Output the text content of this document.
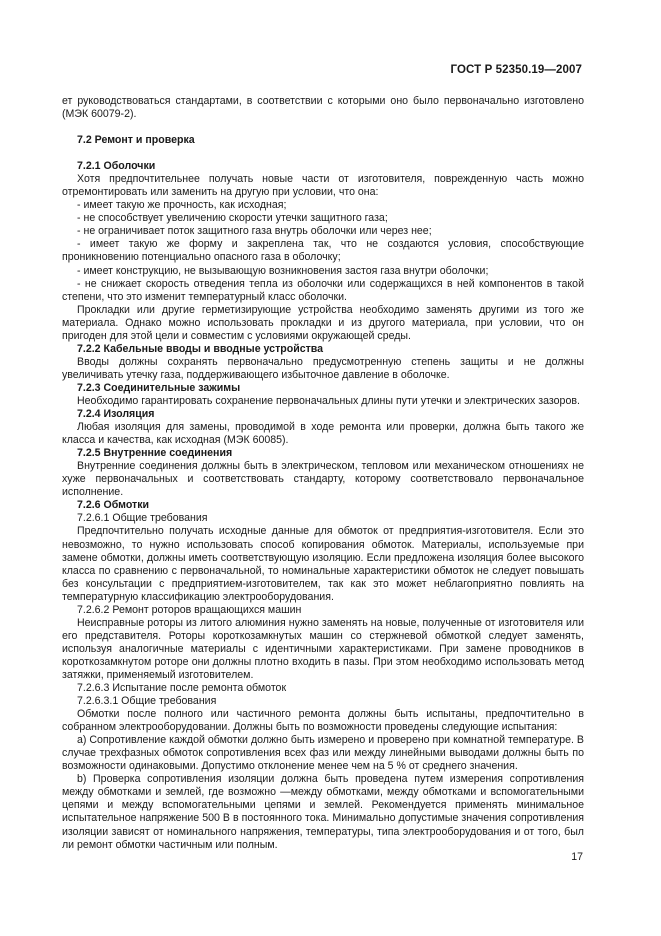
ГОСТ Р 52350.19—2007

ет руководствоваться стандартами, в соответствии с которыми оно было первоначально изготовлено (МЭК 60079-2).

7.2 Ремонт и проверка

7.2.1 Оболочки

Хотя предпочтительнее получать новые части от изготовителя, поврежденную часть можно отремонтировать или заменить на другую при условии, что она:

- имеет такую же прочность, как исходная;

- не способствует увеличению скорости утечки защитного газа;

- не ограничивает поток защитного газа внутрь оболочки или через нее;

- имеет такую же форму и закреплена так, что не создаются условия, способствующие проникновению потенциально опасного газа в оболочку;

- имеет конструкцию, не вызывающую возникновения застоя газа внутри оболочки;

- не снижает скорость отведения тепла из оболочки или содержащихся в ней компонентов в такой степени, что это изменит температурный класс оболочки.

Прокладки или другие герметизирующие устройства необходимо заменять другими из того же материала. Однако можно использовать прокладки и из другого материала, при условии, что он пригоден для этой цели и совместим с условиями окружающей среды.

7.2.2 Кабельные вводы и вводные устройства

Вводы должны сохранять первоначально предусмотренную степень защиты и не должны увеличивать утечку газа, поддерживающего избыточное давление в оболочке.

7.2.3 Соединительные зажимы

Необходимо гарантировать сохранение первоначальных длины пути утечки и электрических зазоров.

7.2.4 Изоляция

Любая изоляция для замены, проводимой в ходе ремонта или проверки, должна быть такого же класса и качества, как исходная (МЭК 60085).

7.2.5 Внутренние соединения

Внутренние соединения должны быть в электрическом, тепловом или механическом отношениях не хуже первоначальных и соответствовать стандарту, которому соответствовало первоначальное исполнение.

7.2.6 Обмотки

7.2.6.1 Общие требования

Предпочтительно получать исходные данные для обмоток от предприятия-изготовителя. Если это невозможно, то нужно использовать способ копирования обмоток. Материалы, используемые при замене обмотки, должны иметь соответствующую изоляцию. Если предложена изоляция более высокого класса по сравнению с первоначальной, то номинальные характеристики обмоток не следует повышать без консультации с предприятием-изготовителем, так как это может неблагоприятно повлиять на температурную классификацию электрооборудования.

7.2.6.2 Ремонт роторов вращающихся машин

Неисправные роторы из литого алюминия нужно заменять на новые, полученные от изготовителя или его представителя. Роторы короткозамкнутых машин со стержневой обмоткой следует заменять, используя аналогичные материалы с идентичными характеристиками. При замене проводников в короткозамкнутом роторе они должны плотно входить в пазы. При этом необходимо использовать метод затяжки, применяемый изготовителем.

7.2.6.3 Испытание после ремонта обмоток

7.2.6.3.1 Общие требования

Обмотки после полного или частичного ремонта должны быть испытаны, предпочтительно в собранном электрооборудовании. Должны быть по возможности проведены следующие испытания:

а) Сопротивление каждой обмотки должно быть измерено и проверено при комнатной температуре. В случае трехфазных обмоток сопротивления всех фаз или между линейными выводами должны быть по возможности одинаковыми. Допустимо отклонение менее чем на 5 % от среднего значения.

b) Проверка сопротивления изоляции должна быть проведена путем измерения сопротивления между обмотками и землей, где возможно —между обмотками, между обмотками и вспомогательными цепями и между вспомогательными цепями и землей. Рекомендуется применять минимальное испытательное напряжение 500 В в постоянного тока. Минимально допустимые значения сопротивления изоляции зависят от номинального напряжения, температуры, типа электрооборудования и от того, был ли ремонт обмотки частичным или полным.

17
